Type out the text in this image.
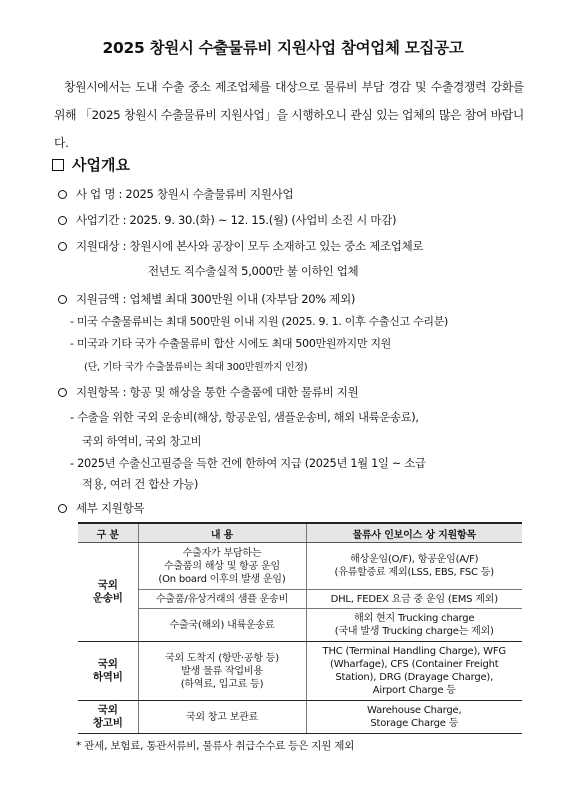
2025 창원시 수출물류비 지원사업 참여업체 모집공고
창원시에서는 도내 수출 중소 제조업체를 대상으로 물류비 부담 경감 및 수출경쟁력 강화를 위해 「2025 창원시 수출물류비 지원사업」을 시행하오니 관심 있는 업체의 많은 참여 바랍니다.
사업개요
사 업 명 : 2025 창원시 수출물류비 지원사업
사업기간 : 2025. 9. 30.(화) ~ 12. 15.(월) (사업비 소진 시 마감)
지원대상 : 창원시에 본사와 공장이 모두 소재하고 있는 중소 제조업체로
전년도 직수출실적 5,000만 불 이하인 업체
지원금액 : 업체별 최대 300만원 이내 (자부담 20% 제외)
- 미국 수출물류비는 최대 500만원 이내 지원 (2025. 9. 1. 이후 수출신고 수리분)
- 미국과 기타 국가 수출물류비 합산 시에도 최대 500만원까지만 지원
(단, 기타 국가 수출물류비는 최대 300만원까지 인정)
지원항목 : 항공 및 해상을 통한 수출품에 대한 물류비 지원
- 수출을 위한 국외 운송비(해상, 항공운임, 샘플운송비, 해외 내륙운송료),
국외 하역비, 국외 창고비
- 2025년 수출신고필증을 득한 건에 한하여 지급 (2025년 1월 1일 ~ 소급
적용, 여러 건 합산 가능)
세부 지원항목
구 분	내 용	물류사 인보이스 상 지원항목
국외
운송비	수출자가 부담하는
수출품의 해상 및 항공 운임
(On board 이후의 발생 운임)	해상운임(O/F), 항공운임(A/F)
(유류할증료 제외(LSS, EBS, FSC 등)
	수출품/유상거래의 샘플 운송비	DHL, FEDEX 요금 중 운임 (EMS 제외)
	수출국(해외) 내륙운송료	해외 현지 Trucking charge
(국내 발생 Trucking charge는 제외)
국외
하역비	국외 도착지 (항만·공항 등)
발생 물류 작업비용
(하역료, 입고료 등)	THC (Terminal Handling Charge), WFG
(Wharfage), CFS (Container Freight
Station), DRG (Drayage Charge),
Airport Charge 등
국외
창고비	국외 창고 보관료	Warehouse Charge,
Storage Charge 등
* 관세, 보험료, 통관서류비, 물류사 취급수수료 등은 지원 제외
